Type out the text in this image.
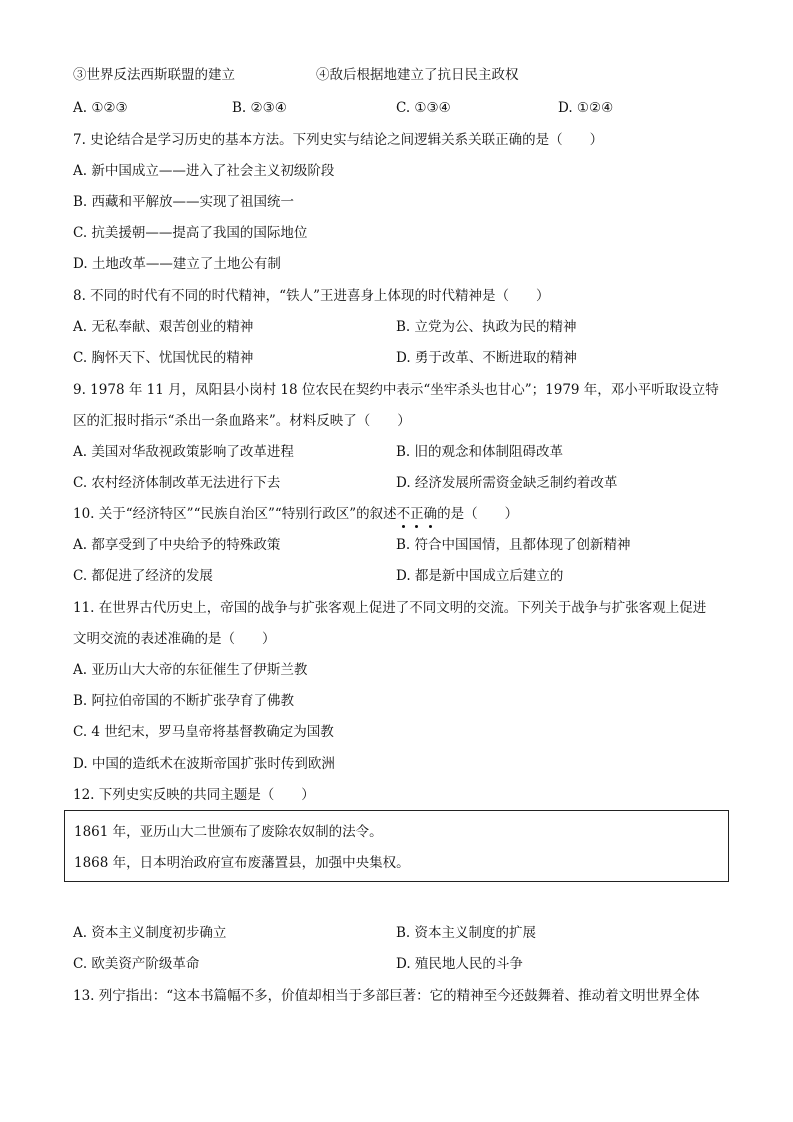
③世界反法西斯联盟的建立	④敌后根据地建立了抗日民主政权
A. ①②③	B. ②③④	C. ①③④	D. ①②④
7. 史论结合是学习历史的基本方法。下列史实与结论之间逻辑关系关联正确的是（　　）
A. 新中国成立——进入了社会主义初级阶段
B. 西藏和平解放——实现了祖国统一
C. 抗美援朝——提高了我国的国际地位
D. 土地改革——建立了土地公有制
8. 不同的时代有不同的时代精神，“铁人”王进喜身上体现的时代精神是（　　）
A. 无私奉献、艰苦创业的精神	B. 立党为公、执政为民的精神
C. 胸怀天下、忧国忧民的精神	D. 勇于改革、不断进取的精神
9. 1978 年 11 月，凤阳县小岗村 18 位农民在契约中表示“坐牢杀头也甘心”；1979 年，邓小平听取设立特
区的汇报时指示“杀出一条血路来”。材料反映了（　　）
A. 美国对华敌视政策影响了改革进程	B. 旧的观念和体制阻碍改革
C. 农村经济体制改革无法进行下去	D. 经济发展所需资金缺乏制约着改革
10. 关于“经济特区”“民族自治区”“特别行政区”的叙述不正确的是（　　）
A. 都享受到了中央给予的特殊政策	B. 符合中国国情，且都体现了创新精神
C. 都促进了经济的发展	D. 都是新中国成立后建立的
11. 在世界古代历史上，帝国的战争与扩张客观上促进了不同文明的交流。下列关于战争与扩张客观上促进
文明交流的表述准确的是（　　）
A. 亚历山大大帝的东征催生了伊斯兰教
B. 阿拉伯帝国的不断扩张孕育了佛教
C. 4 世纪末，罗马皇帝将基督教确定为国教
D. 中国的造纸术在波斯帝国扩张时传到欧洲
12. 下列史实反映的共同主题是（　　）
1861 年，亚历山大二世颁布了废除农奴制的法令。
1868 年，日本明治政府宣布废藩置县，加强中央集权。
A. 资本主义制度初步确立	B. 资本主义制度的扩展
C. 欧美资产阶级革命	D. 殖民地人民的斗争
13. 列宁指出：“这本书篇幅不多，价值却相当于多部巨著：它的精神至今还鼓舞着、推动着文明世界全体
